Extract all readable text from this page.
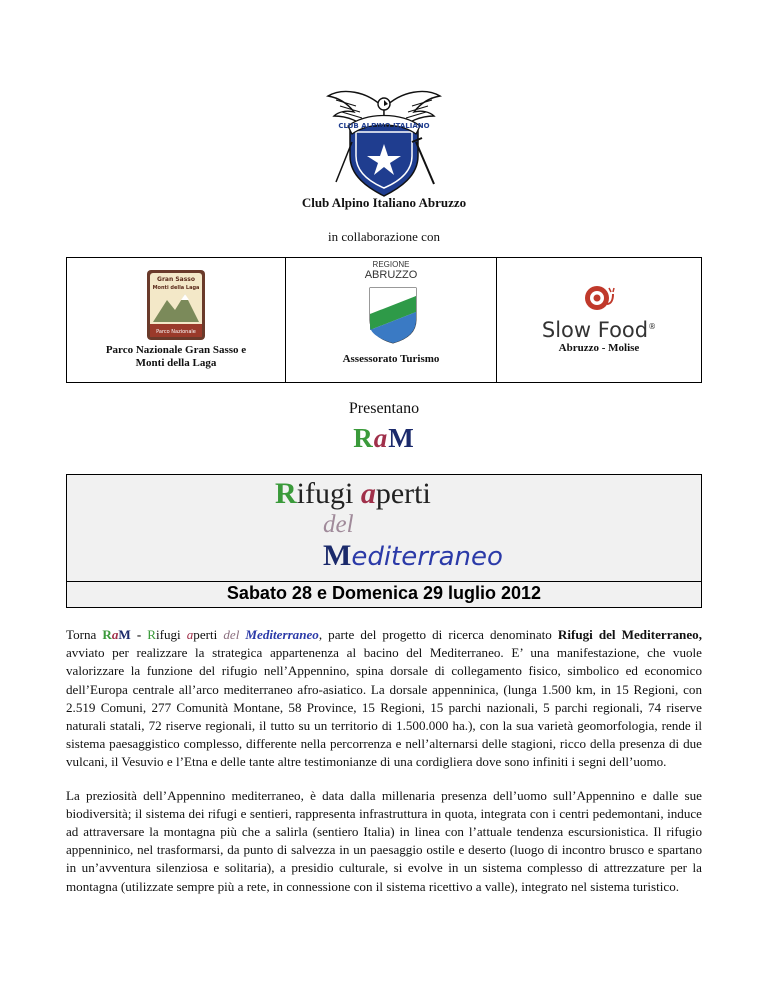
CLUB ALPINO ITALIANO
Club Alpino Italiano Abruzzo
in collaborazione con
Gran Sasso
Monti della Laga
Parco Nazionale
Parco Nazionale Gran Sasso e
Monti della Laga
REGIONE
ABRUZZO
Assessorato Turismo
Slow Food®
Abruzzo - Molise
Presentano
RaM
Rifugi aperti
del
Mediterraneo
Sabato 28 e Domenica 29 luglio 2012

Torna RaM - Rifugi aperti del Mediterraneo, parte del progetto di ricerca denominato Rifugi del Mediterraneo, avviato per realizzare la strategica appartenenza al bacino del Mediterraneo. E’ una manifestazione, che vuole valorizzare la funzione del rifugio nell’Appennino, spina dorsale di collegamento fisico, simbolico ed economico dell’Europa centrale all’arco mediterraneo afro-asiatico. La dorsale appenninica, (lunga 1.500 km, in 15 Regioni, con 2.519 Comuni, 277 Comunità Montane, 58 Province, 15 Regioni, 15 parchi nazionali, 5 parchi regionali, 74 riserve naturali statali, 72 riserve regionali, il tutto su un territorio di 1.500.000 ha.), con la sua varietà geomorfologia, rende il sistema paesaggistico complesso, differente nella percorrenza e nell’alternarsi delle stagioni, ricco della presenza di due vulcani, il Vesuvio e l’Etna e delle tante altre testimonianze di una cordigliera dove sono infiniti i segni dell’uomo.

La preziosità dell’Appennino mediterraneo, è data dalla millenaria presenza dell’uomo sull’Appennino e dalle sue biodiversità; il sistema dei rifugi e sentieri, rappresenta infrastruttura in quota, integrata con i centri pedemontani, induce ad attraversare la montagna più che a salirla (sentiero Italia) in linea con l’attuale tendenza escursionistica. Il rifugio appenninico, nel trasformarsi, da punto di salvezza in un paesaggio ostile e deserto (luogo di incontro brusco e spartano in un’avventura silenziosa e solitaria), a presidio culturale, si evolve in un sistema complesso di attrezzature per la montagna (utilizzate sempre più a rete, in connessione con il sistema ricettivo a valle), integrato nel sistema turistico.
